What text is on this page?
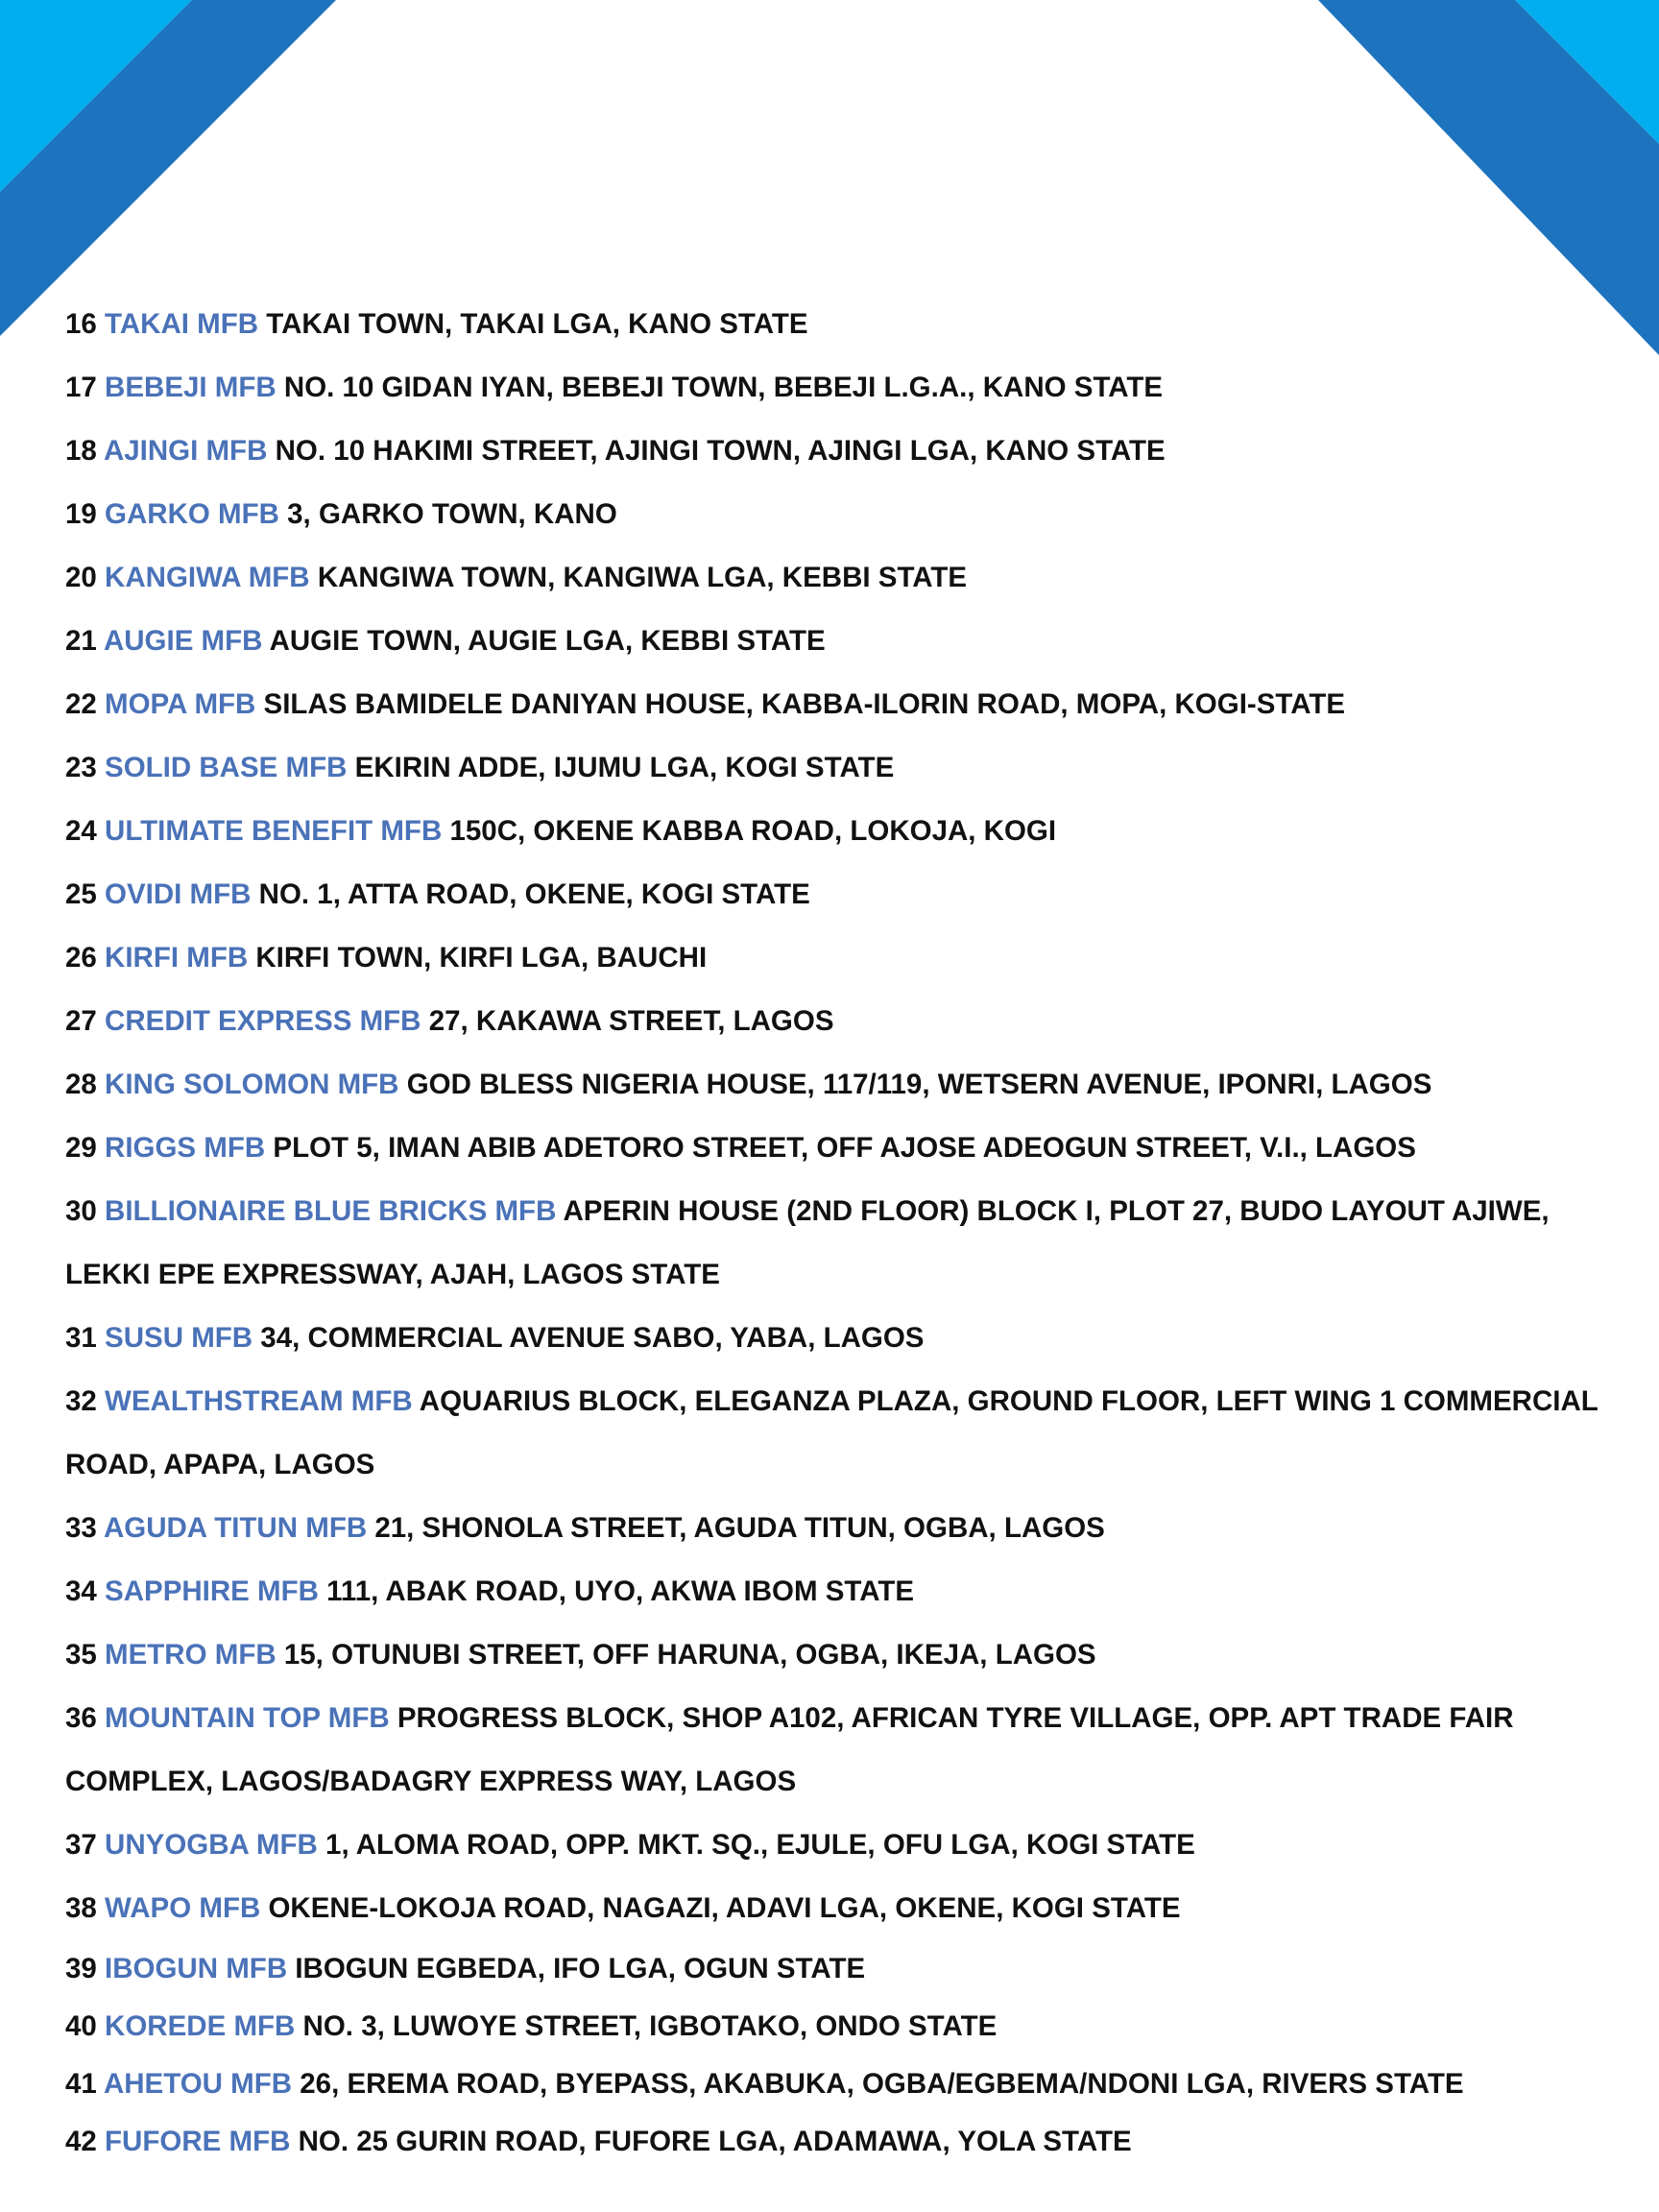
16 TAKAI MFB TAKAI TOWN, TAKAI LGA, KANO STATE

17 BEBEJI MFB NO. 10 GIDAN IYAN, BEBEJI TOWN, BEBEJI L.G.A., KANO STATE

18 AJINGI MFB NO. 10 HAKIMI STREET, AJINGI TOWN, AJINGI LGA, KANO STATE

19 GARKO MFB 3, GARKO TOWN, KANO

20 KANGIWA MFB KANGIWA TOWN, KANGIWA LGA, KEBBI STATE

21 AUGIE MFB AUGIE TOWN, AUGIE LGA, KEBBI STATE

22 MOPA MFB SILAS BAMIDELE DANIYAN HOUSE, KABBA-ILORIN ROAD, MOPA, KOGI-STATE

23 SOLID BASE MFB EKIRIN ADDE, IJUMU LGA, KOGI STATE

24 ULTIMATE BENEFIT MFB 150C, OKENE KABBA ROAD, LOKOJA, KOGI

25 OVIDI MFB NO. 1, ATTA ROAD, OKENE, KOGI STATE

26 KIRFI MFB KIRFI TOWN, KIRFI LGA, BAUCHI

27 CREDIT EXPRESS MFB 27, KAKAWA STREET, LAGOS

28 KING SOLOMON MFB GOD BLESS NIGERIA HOUSE, 117/119, WETSERN AVENUE, IPONRI, LAGOS

29 RIGGS MFB PLOT 5, IMAN ABIB ADETORO STREET, OFF AJOSE ADEOGUN STREET, V.I., LAGOS

30 BILLIONAIRE BLUE BRICKS MFB APERIN HOUSE (2ND FLOOR) BLOCK I, PLOT 27, BUDO LAYOUT AJIWE,

LEKKI EPE EXPRESSWAY, AJAH, LAGOS STATE

31 SUSU MFB 34, COMMERCIAL AVENUE SABO, YABA, LAGOS

32 WEALTHSTREAM MFB AQUARIUS BLOCK, ELEGANZA PLAZA, GROUND FLOOR, LEFT WING 1 COMMERCIAL

ROAD, APAPA, LAGOS

33 AGUDA TITUN MFB 21, SHONOLA STREET, AGUDA TITUN, OGBA, LAGOS

34 SAPPHIRE MFB 111, ABAK ROAD, UYO, AKWA IBOM STATE

35 METRO MFB 15, OTUNUBI STREET, OFF HARUNA, OGBA, IKEJA, LAGOS

36 MOUNTAIN TOP MFB PROGRESS BLOCK, SHOP A102, AFRICAN TYRE VILLAGE, OPP. APT TRADE FAIR

COMPLEX, LAGOS/BADAGRY EXPRESS WAY, LAGOS

37 UNYOGBA MFB 1, ALOMA ROAD, OPP. MKT. SQ., EJULE, OFU LGA, KOGI STATE

38 WAPO MFB OKENE-LOKOJA ROAD, NAGAZI, ADAVI LGA, OKENE, KOGI STATE

39 IBOGUN MFB IBOGUN EGBEDA, IFO LGA, OGUN STATE

40 KOREDE MFB NO. 3, LUWOYE STREET, IGBOTAKO, ONDO STATE

41 AHETOU MFB 26, EREMA ROAD, BYEPASS, AKABUKA, OGBA/EGBEMA/NDONI LGA, RIVERS STATE

42 FUFORE MFB NO. 25 GURIN ROAD, FUFORE LGA, ADAMAWA, YOLA STATE
